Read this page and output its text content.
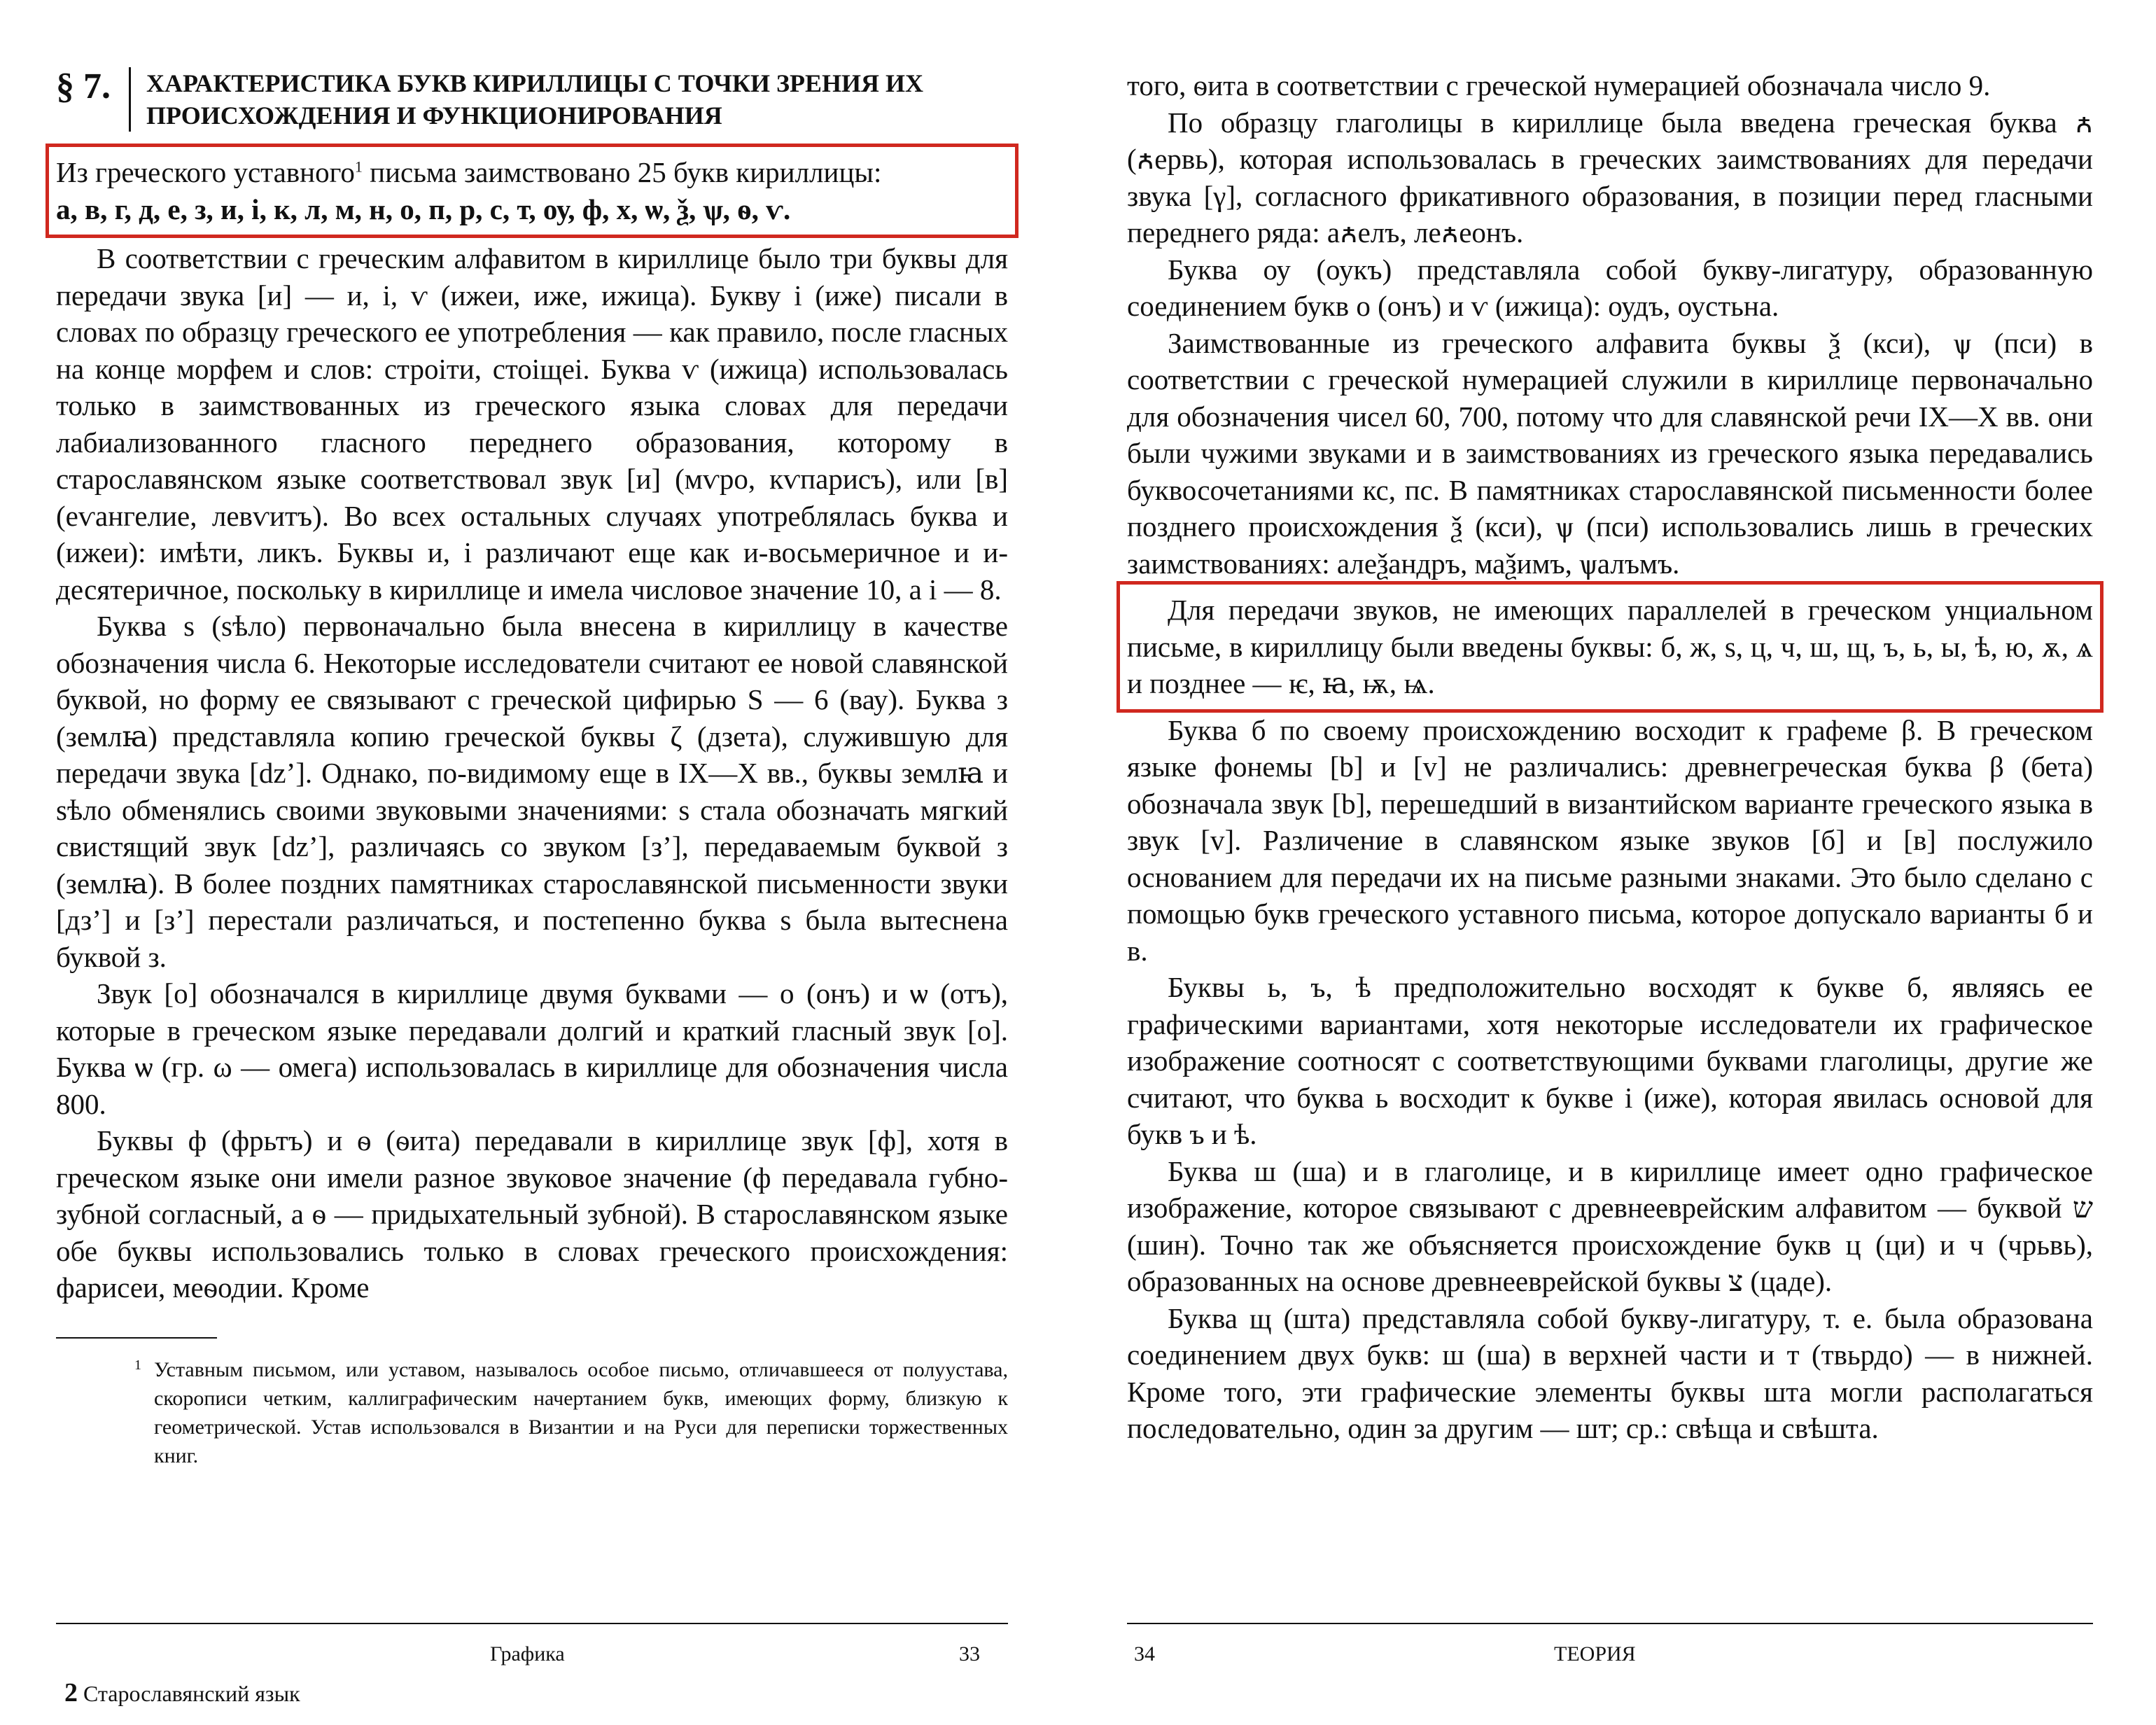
§ 7.	ХАРАКТЕРИСТИКА БУКВ КИРИЛЛИЦЫ С ТОЧКИ ЗРЕНИЯ ИХ ПРОИСХОЖДЕНИЯ И ФУНКЦИОНИРОВАНИЯ

Из греческого уставного$^1$ письма заимствовано 25 букв кириллицы:

а, в, г, д, е, з, и, і, к, л, м, н, о, п, р, с, т, оу, ф, х, ѡ, ѯ, ѱ, ѳ, ѵ.

В соответствии с греческим алфавитом в кириллице было три буквы для передачи звука [и] — и, і, ѵ (ижеи, иже, ижица). Букву і (иже) писали в словах по образцу греческого ее употребления — как правило, после гласных на конце морфем и слов: строіти, стоіщеі. Буква ѵ (ижица) использовалась только в заимствованных из греческого языка словах для передачи лабиализованного гласного переднего образования, которому в старославянском языке соответствовал звук [и] (мѵро, кѵпарисъ), или [в] (еѵангелие, левѵитъ). Во всех остальных случаях употреблялась буква и (ижеи): имѣти, ликъ. Буквы и, і различают еще как и-восьмеричное и и-десятеричное, поскольку в кириллице и имела числовое значение 10, а і — 8.

Буква ѕ (ѕѣло) первоначально была внесена в кириллицу в качестве обозначения числа 6. Некоторые исследователи считают ее новой славянской буквой, но форму ее связывают с греческой цифирью S — 6 (вау). Буква з (землꙗ) представляла копию греческой буквы ζ (дзета), служившую для передачи звука [dz’]. Однако, по-видимому еще в IX—X вв., буквы землꙗ и ѕѣло обменялись своими звуковыми значениями: ѕ стала обозначать мягкий свистящий звук [dz’], различаясь со звуком [з’], передаваемым буквой з (землꙗ). В более поздних памятниках старославянской письменности звуки [дз’] и [з’] перестали различаться, и постепенно буква ѕ была вытеснена буквой з.

Звук [о] обозначался в кириллице двумя буквами — о (онъ) и ѡ (отъ), которые в греческом языке передавали долгий и краткий гласный звук [о]. Буква ѡ (гр. ω — омега) использовалась в кириллице для обозначения числа 800.

Буквы ф (фрьтъ) и ѳ (ѳита) передавали в кириллице звук [ф], хотя в греческом языке они имели разное звуковое значение (ф передавала губно-зубной согласный, а ѳ — придыхательный зубной). В старославянском языке обе буквы использовались только в словах греческого происхождения: фарисеи, меѳодии. Кроме

1 Уставным письмом, или уставом, называлось особое письмо, отличавшееся от полуустава, скорописи четким, каллиграфическим начертанием букв, имеющих форму, близкую к геометрической. Устав использовался в Византии и на Руси для переписки торжественных книг.

того, ѳита в соответствии с греческой нумерацией обозначала число 9.

По образцу глаголицы в кириллице была введена греческая буква ꙉ (ꙉервь), которая использовалась в греческих заимствованиях для передачи звука [γ], согласного фрикативного образования, в позиции перед гласными переднего ряда: аꙉелъ, леꙉеонъ.

Буква оу (оукъ) представляла собой букву-лигатуру, образованную соединением букв о (онъ) и ѵ (ижица): оудъ, оустьна.

Заимствованные из греческого алфавита буквы ѯ (кси), ѱ (пси) в соответствии с греческой нумерацией служили в кириллице первоначально для обозначения чисел 60, 700, потому что для славянской речи IX—X вв. они были чужими звуками и в заимствованиях из греческого языка передавались буквосочетаниями кс, пс. В памятниках старославянской письменности более позднего происхождения ѯ (кси), ѱ (пси) использовались лишь в греческих заимствованиях: алеѯандръ, маѯимъ, ѱалъмъ.

Для передачи звуков, не имеющих параллелей в греческом унциальном письме, в кириллицу были введены буквы: б, ж, ѕ, ц, ч, ш, щ, ъ, ь, ы, ѣ, ю, ѫ, ѧ и позднее — ѥ, ꙗ, ѭ, ѩ.

Буква б по своему происхождению восходит к графеме β. В греческом языке фонемы [b] и [v] не различались: древнегреческая буква β (бета) обозначала звук [b], перешедший в византийском варианте греческого языка в звук [v]. Различение в славянском языке звуков [б] и [в] послужило основанием для передачи их на письме разными знаками. Это было сделано с помощью букв греческого уставного письма, которое допускало варианты б и в.

Буквы ь, ъ, ѣ предположительно восходят к букве б, являясь ее графическими вариантами, хотя некоторые исследователи их графическое изображение соотносят с соответствующими буквами глаголицы, другие же считают, что буква ь восходит к букве і (иже), которая явилась основой для букв ъ и ѣ.

Буква ш (ша) и в глаголице, и в кириллице имеет одно графическое изображение, которое связывают с древнееврейским алфавитом — буквой ש (шин). Точно так же объясняется происхождение букв ц (ци) и ч (чрьвь), образованных на основе древнееврейской буквы צ (цаде).

Буква щ (шта) представляла собой букву-лигатуру, т. е. была образована соединением двух букв: ш (ша) в верхней части и т (твьрдо) — в нижней. Кроме того, эти графические элементы буквы шта могли располагаться последовательно, один за другим — шт; ср.: свѣща и свѣшта.

Графика	33	34	ТЕОРИЯ
2 Старославянский язык
